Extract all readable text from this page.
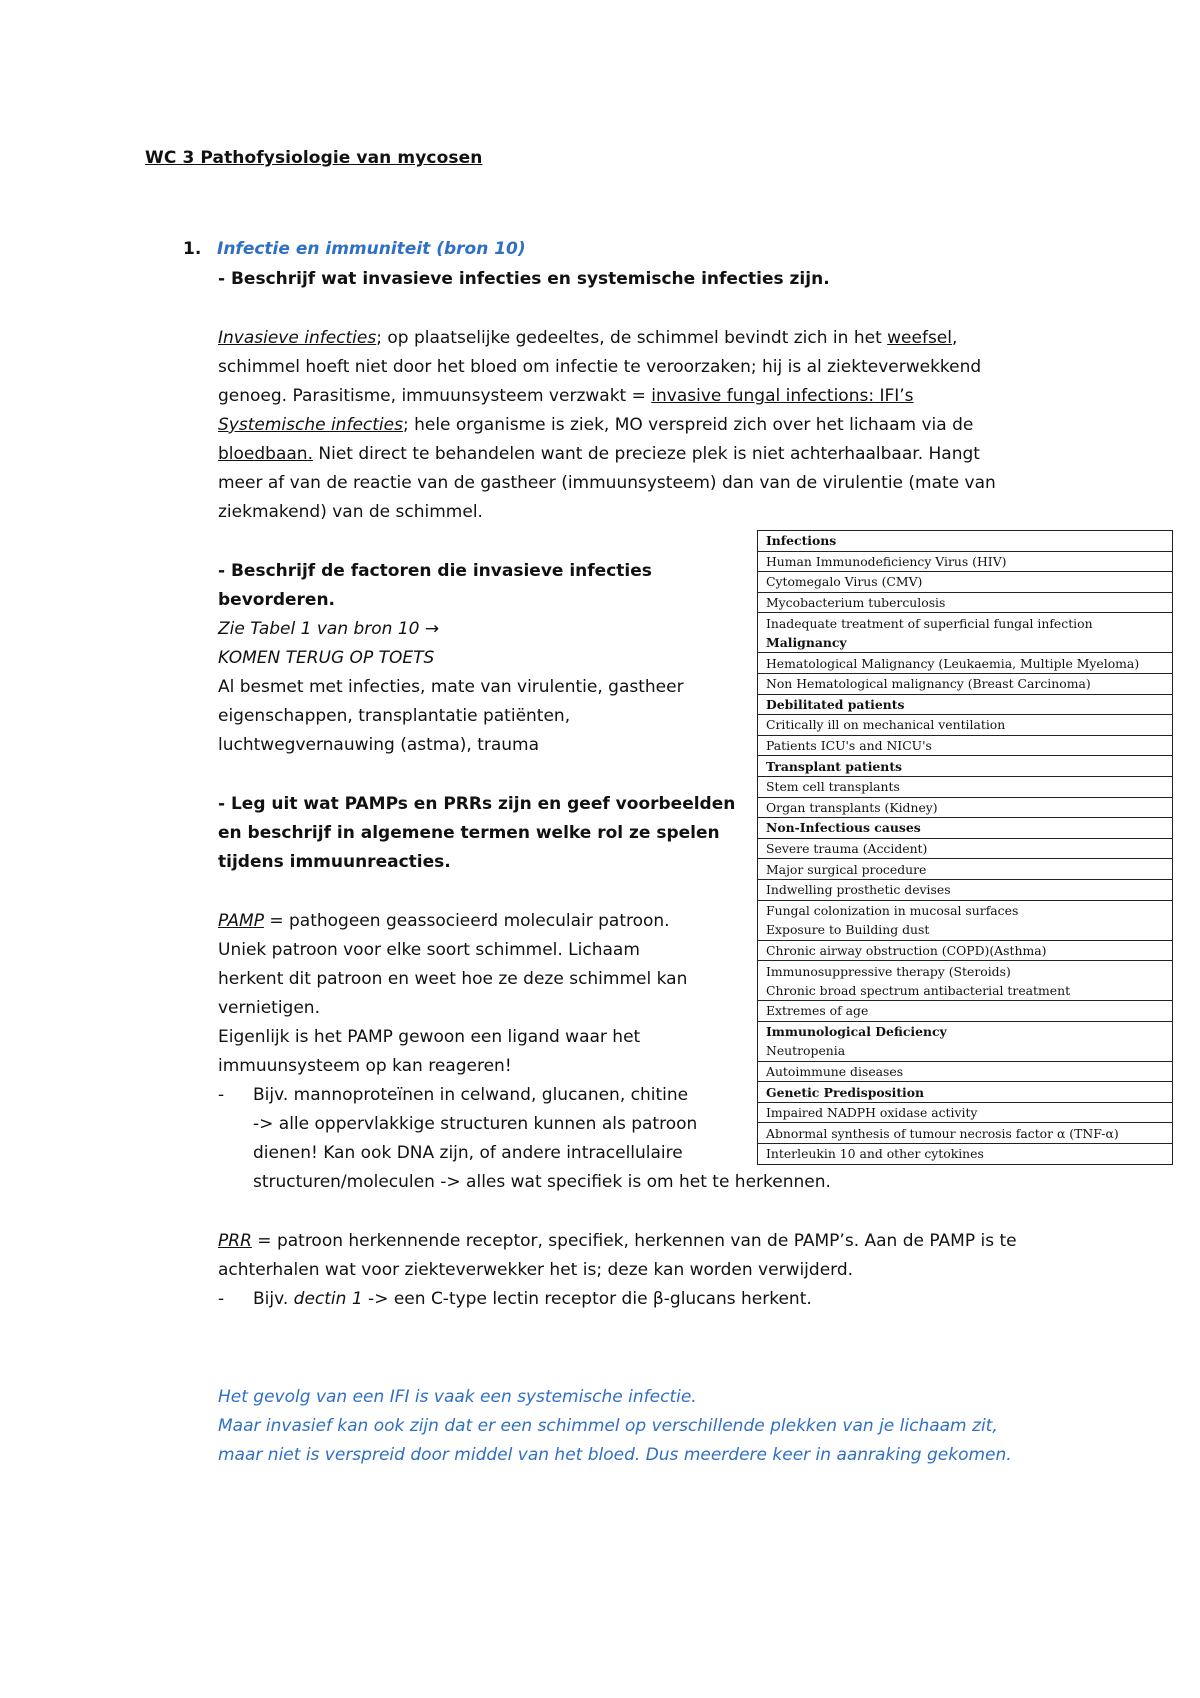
WC 3 Pathofysiologie van mycosen
1. Infectie en immuniteit (bron 10)
- Beschrijf wat invasieve infecties en systemische infecties zijn.
Invasieve infecties; op plaatselijke gedeeltes, de schimmel bevindt zich in het weefsel,
schimmel hoeft niet door het bloed om infectie te veroorzaken; hij is al ziekteverwekkend
genoeg. Parasitisme, immuunsysteem verzwakt = invasive fungal infections: IFI’s
Systemische infecties; hele organisme is ziek, MO verspreid zich over het lichaam via de
bloedbaan. Niet direct te behandelen want de precieze plek is niet achterhaalbaar. Hangt
meer af van de reactie van de gastheer (immuunsysteem) dan van de virulentie (mate van
ziekmakend) van de schimmel.
- Beschrijf de factoren die invasieve infecties
bevorderen.
Zie Tabel 1 van bron 10 →
KOMEN TERUG OP TOETS
Al besmet met infecties, mate van virulentie, gastheer
eigenschappen, transplantatie patiënten,
luchtwegvernauwing (astma), trauma
- Leg uit wat PAMPs en PRRs zijn en geef voorbeelden
en beschrijf in algemene termen welke rol ze spelen
tijdens immuunreacties.
PAMP = pathogeen geassocieerd moleculair patroon.
Uniek patroon voor elke soort schimmel. Lichaam
herkent dit patroon en weet hoe ze deze schimmel kan
vernietigen.
Eigenlijk is het PAMP gewoon een ligand waar het
immuunsysteem op kan reageren!
- Bijv. mannoproteïnen in celwand, glucanen, chitine
-> alle oppervlakkige structuren kunnen als patroon
dienen! Kan ook DNA zijn, of andere intracellulaire
structuren/moleculen -> alles wat specifiek is om het te herkennen.
PRR = patroon herkennende receptor, specifiek, herkennen van de PAMP’s. Aan de PAMP is te
achterhalen wat voor ziekteverwekker het is; deze kan worden verwijderd.
- Bijv. dectin 1 -> een C-type lectin receptor die β-glucans herkent.
Het gevolg van een IFI is vaak een systemische infectie.
Maar invasief kan ook zijn dat er een schimmel op verschillende plekken van je lichaam zit,
maar niet is verspreid door middel van het bloed. Dus meerdere keer in aanraking gekomen.
Infections

Human Immunodeficiency Virus (HIV)

Cytomegalo Virus (CMV)

Mycobacterium tuberculosis

Inadequate treatment of superficial fungal infection
Malignancy

Hematological Malignancy (Leukaemia, Multiple Myeloma)

Non Hematological malignancy (Breast Carcinoma)

Debilitated patients

Critically ill on mechanical ventilation

Patients ICU's and NICU's

Transplant patients

Stem cell transplants

Organ transplants (Kidney)

Non-Infectious causes

Severe trauma (Accident)

Major surgical procedure

Indwelling prosthetic devises

Fungal colonization in mucosal surfaces
Exposure to Building dust

Chronic airway obstruction (COPD)(Asthma)

Immunosuppressive therapy (Steroids)
Chronic broad spectrum antibacterial treatment

Extremes of age

Immunological Deficiency
Neutropenia

Autoimmune diseases

Genetic Predisposition

Impaired NADPH oxidase activity

Abnormal synthesis of tumour necrosis factor α (TNF-α)

Interleukin 10 and other cytokines
